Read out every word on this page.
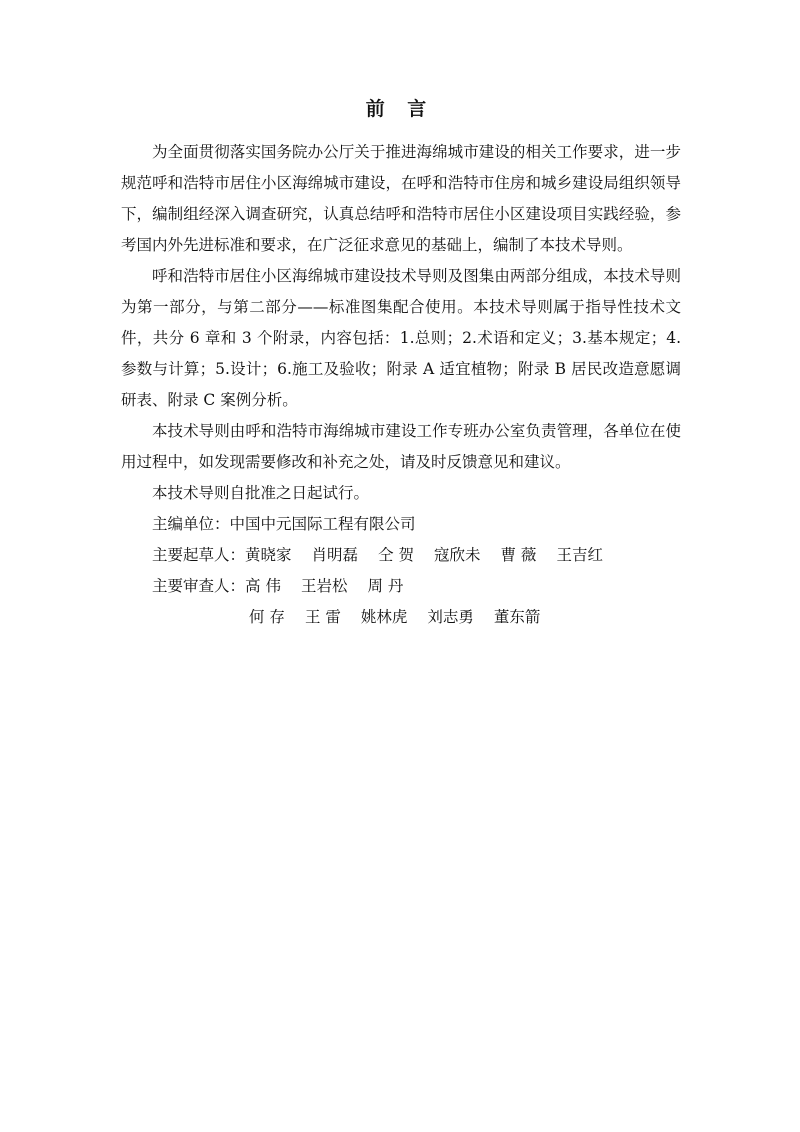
前 言

为全面贯彻落实国务院办公厅关于推进海绵城市建设的相关工作要求，进一步规范呼和浩特市居住小区海绵城市建设，在呼和浩特市住房和城乡建设局组织领导下，编制组经深入调查研究，认真总结呼和浩特市居住小区建设项目实践经验，参考国内外先进标准和要求，在广泛征求意见的基础上，编制了本技术导则。

呼和浩特市居住小区海绵城市建设技术导则及图集由两部分组成，本技术导则为第一部分，与第二部分——标准图集配合使用。本技术导则属于指导性技术文件，共分 6 章和 3 个附录，内容包括：1.总则；2.术语和定义；3.基本规定；4.参数与计算；5.设计；6.施工及验收；附录 A 适宜植物；附录 B 居民改造意愿调研表、附录 C 案例分析。

本技术导则由呼和浩特市海绵城市建设工作专班办公室负责管理，各单位在使用过程中，如发现需要修改和补充之处，请及时反馈意见和建议。

本技术导则自批准之日起试行。

主编单位： 中国中元国际工程有限公司
主要起草人： 黄晓家 肖明磊 仝 贺 寇欣未 曹 薇 王吉红
主要审查人： 高 伟 王岩松 周 丹
何 存 王 雷 姚林虎 刘志勇 董东箭
